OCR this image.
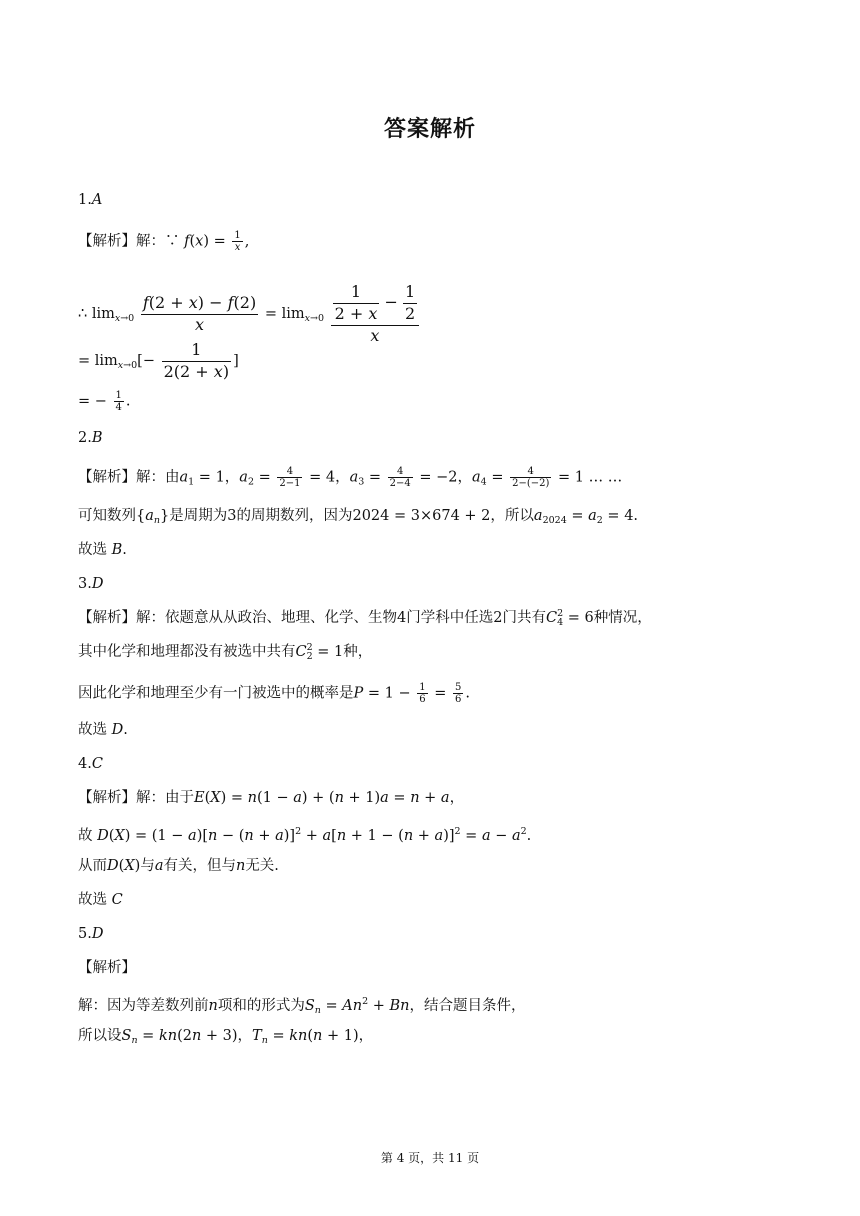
答案解析
1.A
【解析】解：∵ $f(x) = \frac{1}{x}$ ,
∴ $\lim_{x\to 0} \frac{f(2 + x) - f(2)}{x} = \lim_{x\to 0} \frac{\frac{1}{2 + x} - \frac{1}{2}}{x}$
= $\lim_{x\to 0}[- \frac{1}{2(2 + x)}$ ]
= − $\frac{1}{4}$ .
2.B
【解析】解：由$a_1 = 1$，$a_2 = \frac{4}{2-1} = 4$，$a_3 = \frac{4}{2-4} = -2$，$a_4 = \frac{4}{2-(-2)} = 1$ … …
可知数列$\{a_n\}$是周期为3的周期数列，因为2024 = 3×674 + 2，所以$a_{2024} = a_2 = 4$.
故选 B.
3.D
【解析】解：依题意从从政治、地理、化学、生物4门学科中任选2门共有C 2
$_4$ = 6种情况，
其中化学和地理都没有被选中共有C 2
$_2$ = 1种，
因此化学和地理至少有一门被选中的概率是$P = 1 - \frac{1}{6} = \frac{5}{6}$ .
故选 D.
4.C
【解析】解：由于E(X) = n(1 − a) + (n + 1)a = n + a，
故 $D(X) = (1 - a)[n - (n + a)]^2 + a[n + 1 - (n + a)]^2 = a - a^2$.
从而D(X)与a有关，但与n无关.
故选 C
5.D
【解析】
解：因为等差数列前n项和的形式为$S_n = An^2 + Bn$，结合题目条件，
所以设$S_n = kn(2n + 3)$，$T_n = kn(n + 1)$，
第 4 页，共 11 页
